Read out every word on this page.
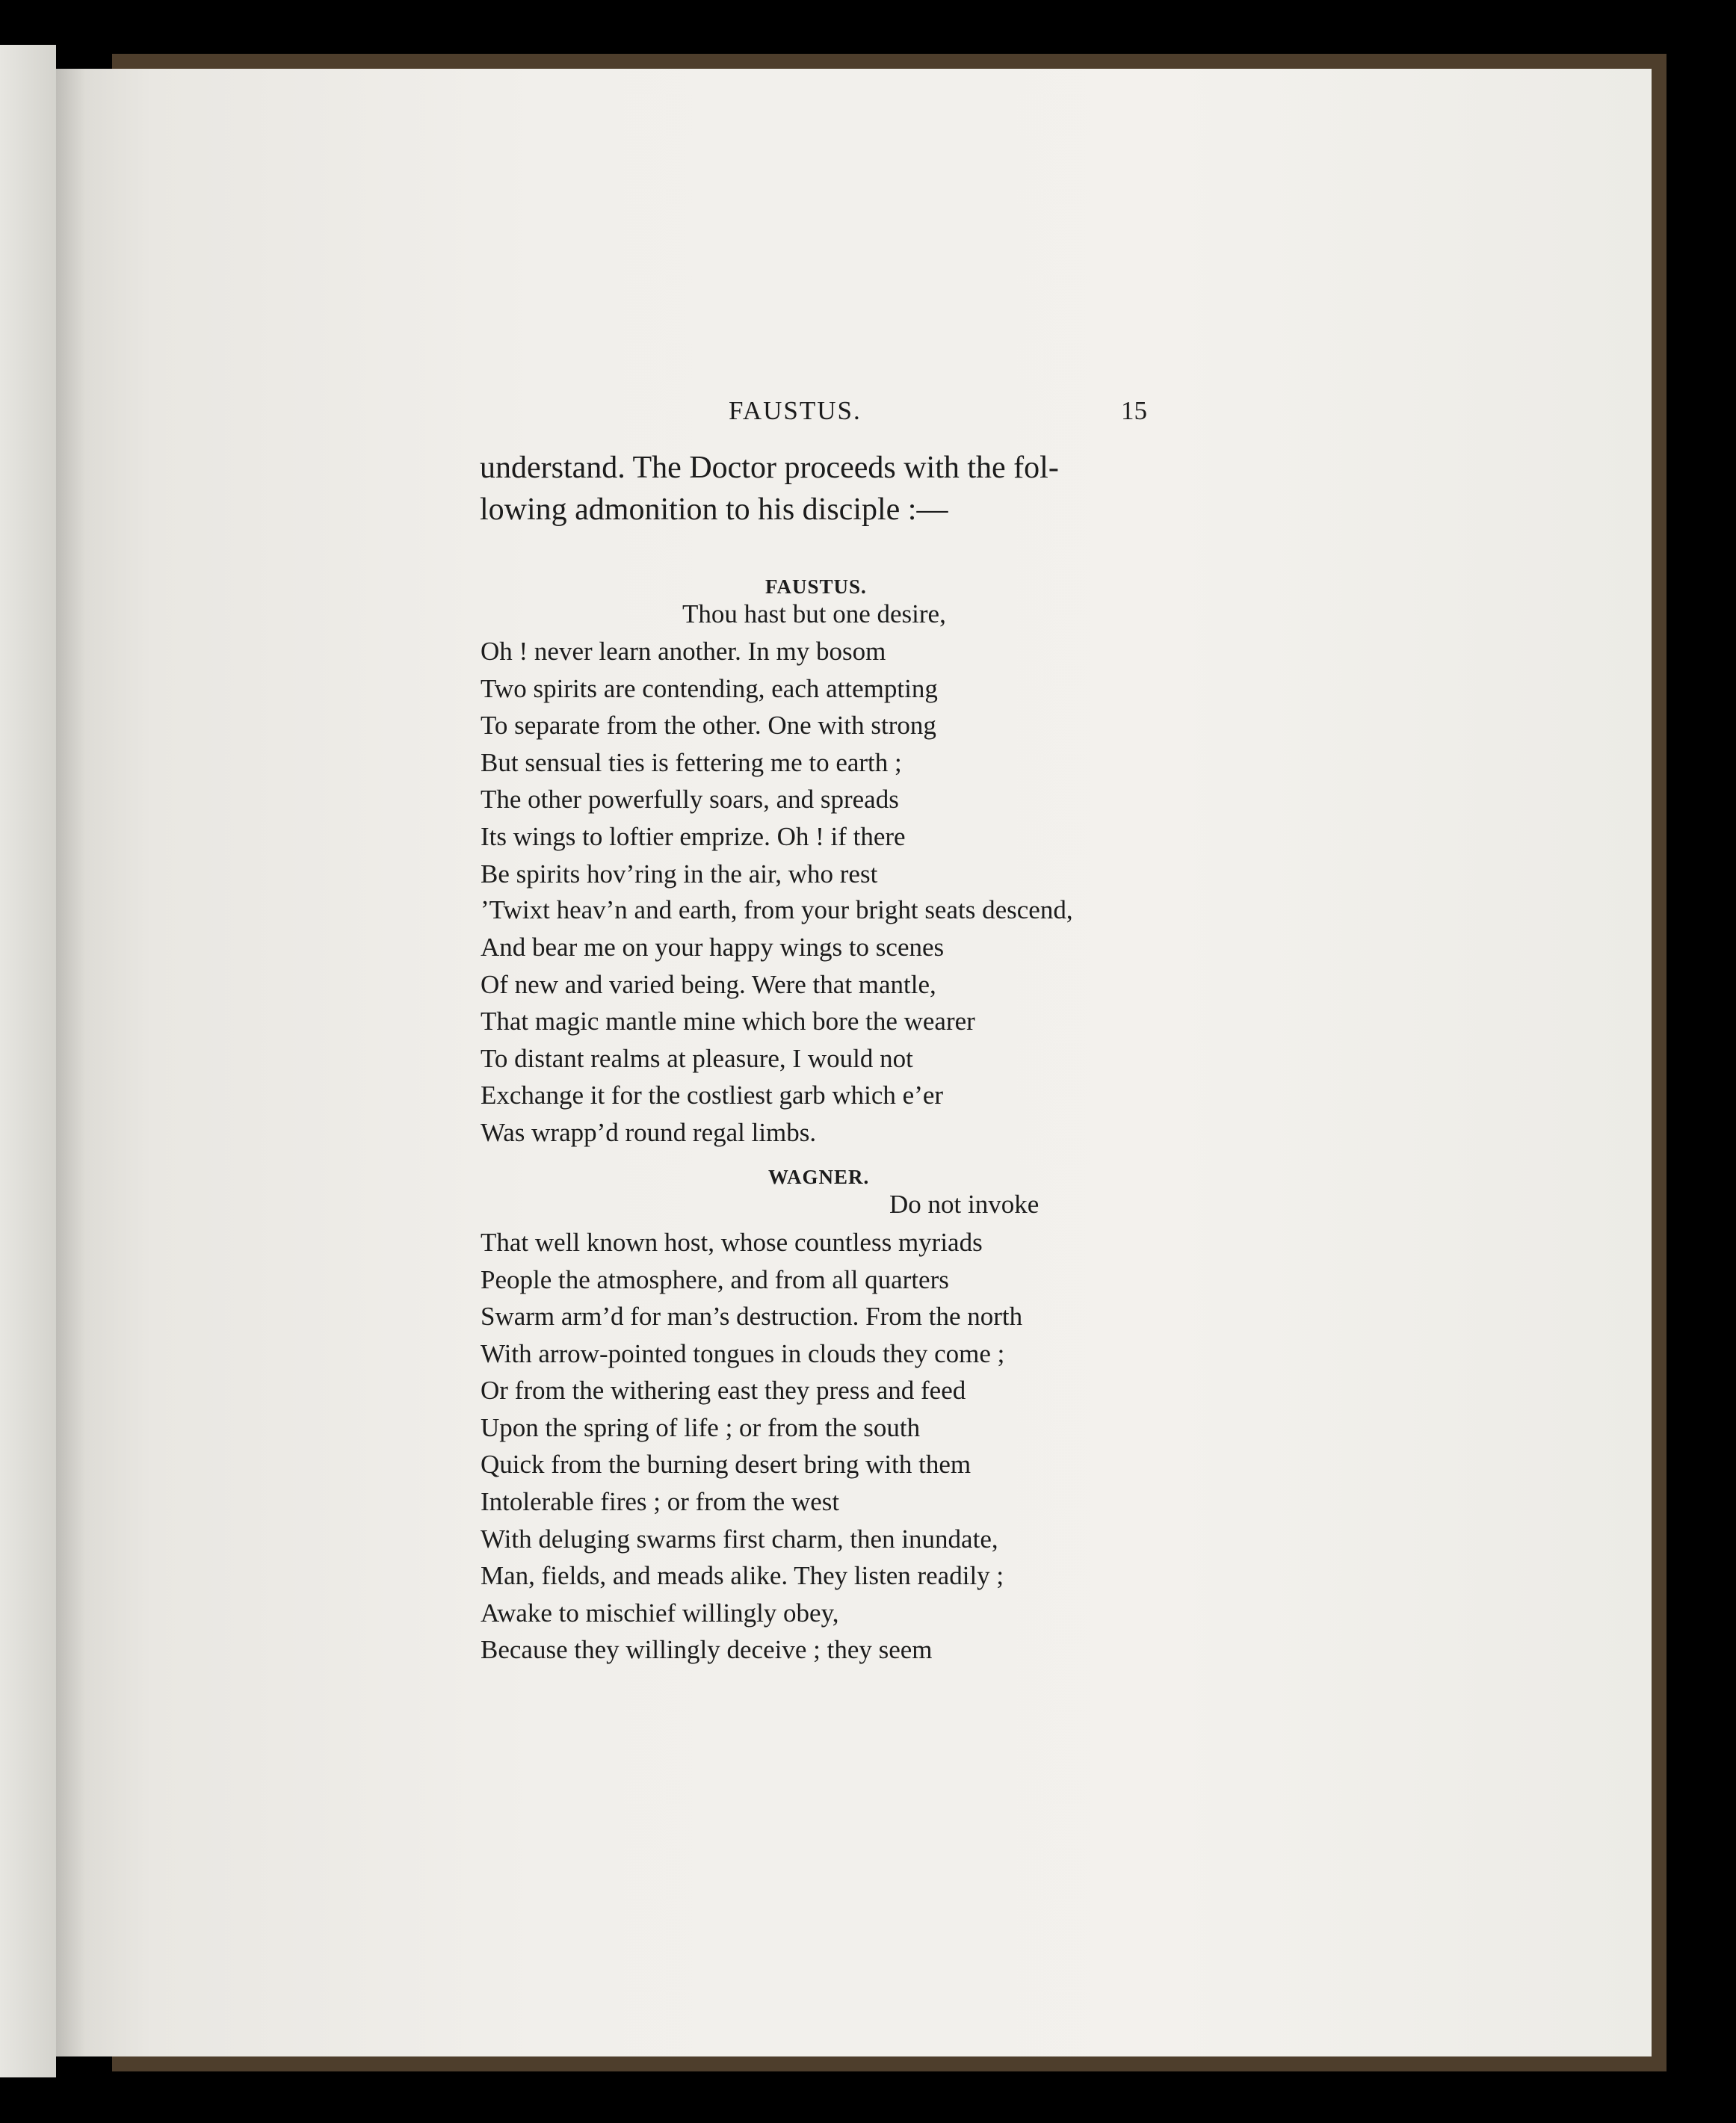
FAUSTUS.	15
understand. The Doctor proceeds with the fol-
lowing admonition to his disciple :—
FAUSTUS.
Thou hast but one desire,
Oh ! never learn another. In my bosom
Two spirits are contending, each attempting
To separate from the other. One with strong
But sensual ties is fettering me to earth ;
The other powerfully soars, and spreads
Its wings to loftier emprize. Oh ! if there
Be spirits hov’ring in the air, who rest
’Twixt heav’n and earth, from your bright seats descend,
And bear me on your happy wings to scenes
Of new and varied being. Were that mantle,
That magic mantle mine which bore the wearer
To distant realms at pleasure, I would not
Exchange it for the costliest garb which e’er
Was wrapp’d round regal limbs.
WAGNER.
Do not invoke
That well known host, whose countless myriads
People the atmosphere, and from all quarters
Swarm arm’d for man’s destruction. From the north
With arrow-pointed tongues in clouds they come ;
Or from the withering east they press and feed
Upon the spring of life ; or from the south
Quick from the burning desert bring with them
Intolerable fires ; or from the west
With deluging swarms first charm, then inundate,
Man, fields, and meads alike. They listen readily ;
Awake to mischief willingly obey,
Because they willingly deceive ; they seem
